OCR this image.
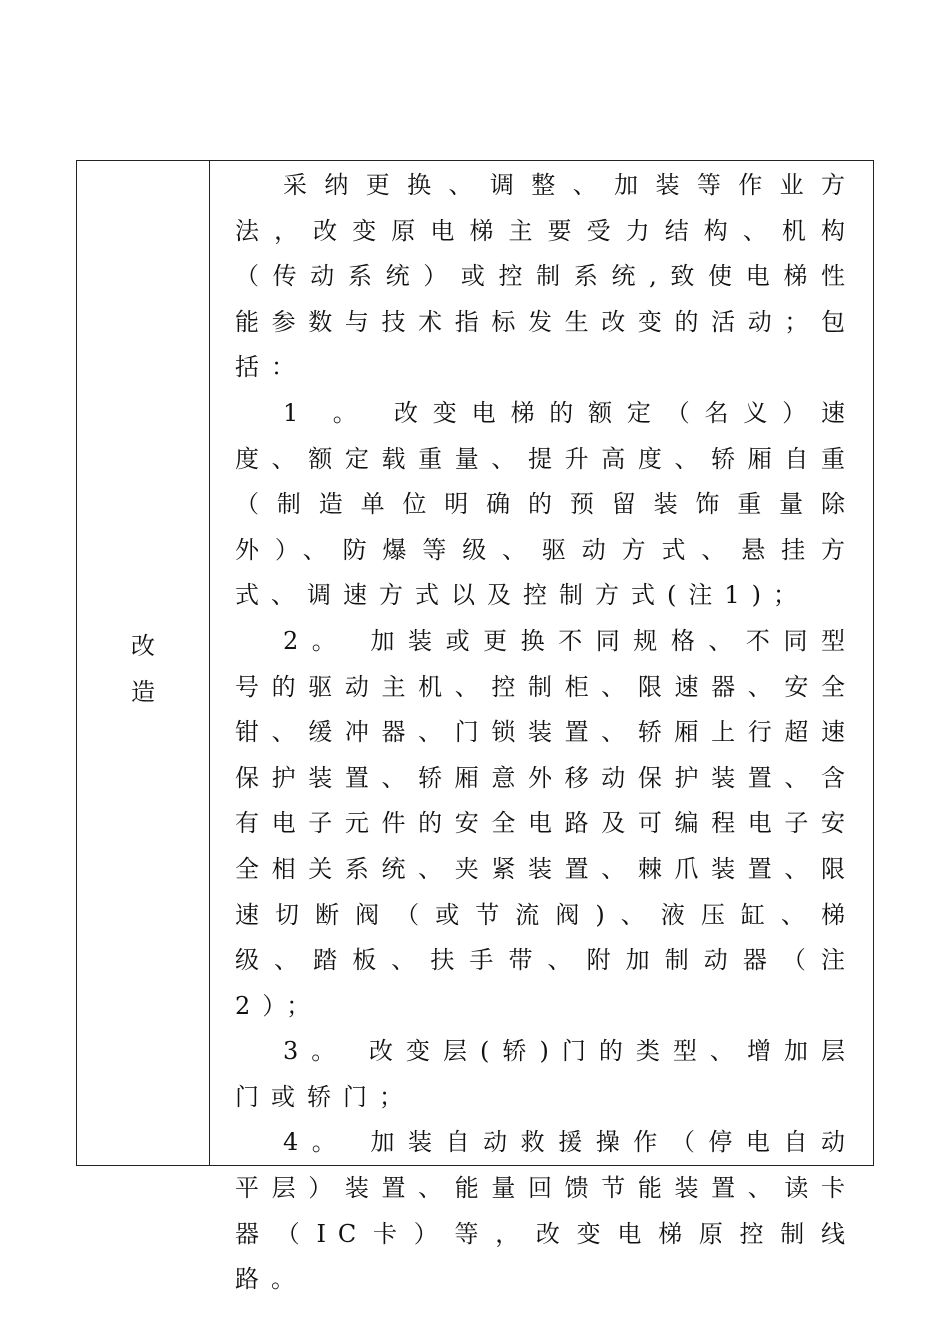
改
造

采纳更换、调整、加装等作业方法，改变原电梯主要受力结构、机构（传动系统）或控制系统,致使电梯性能参数与技术指标发生改变的活动；包括：

1 。 改变电梯的额定（名义）速度、额定载重量、提升高度、轿厢自重（制造单位明确的预留装饰重量除外）、防爆等级、驱动方式、悬挂方式、调速方式以及控制方式(注1)；

2。 加装或更换不同规格、不同型号的驱动主机、控制柜、限速器、安全钳、缓冲器、门锁装置、轿厢上行超速保护装置、轿厢意外移动保护装置、含有电子元件的安全电路及可编程电子安全相关系统、夹紧装置、棘爪装置、限速切断阀（或节流阀)、液压缸、梯级、踏板、扶手带、附加制动器（注2）；

3。 改变层(轿)门的类型、增加层门或轿门；

4。 加装自动救援操作（停电自动平层）装置、能量回馈节能装置、读卡器（IC卡）等，改变电梯原控制线路。
